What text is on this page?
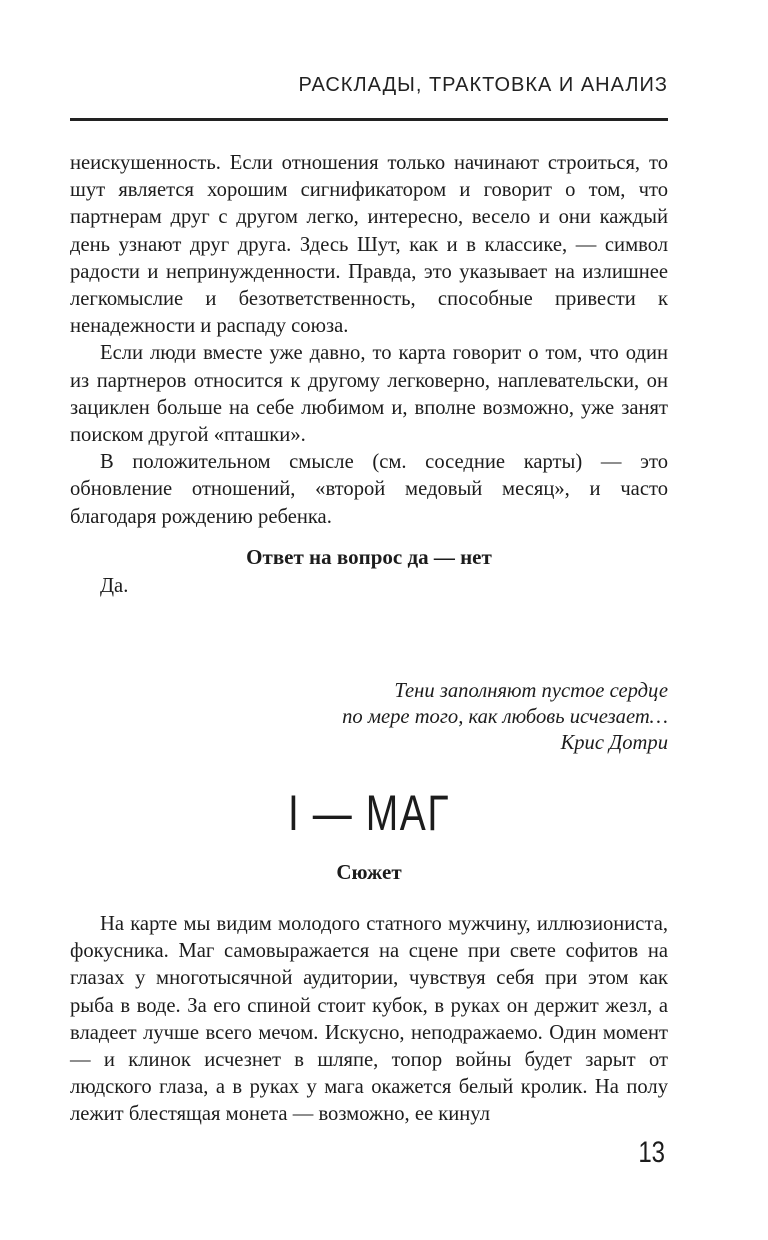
РАСКЛАДЫ, ТРАКТОВКА И АНАЛИЗ

неискушенность. Если отношения только начинают строиться, то шут является хорошим сигнификатором и говорит о том, что партнерам друг с другом легко, интересно, весело и они каждый день узнают друг друга. Здесь Шут, как и в классике, — символ радости и непринужденности. Правда, это указывает на излишнее легкомыслие и безответственность, способные привести к ненадежности и распаду союза.

Если люди вместе уже давно, то карта говорит о том, что один из партнеров относится к другому легковерно, наплевательски, он зациклен больше на себе любимом и, вполне возможно, уже занят поиском другой «пташки».

В положительном смысле (см. соседние карты) — это обновление отношений, «второй медовый месяц», и часто благодаря рождению ребенка.

Ответ на вопрос да — нет
Да.
Тени заполняют пустое сердце
по мере того, как любовь исчезает…
Крис Дотри
I — МАГ
Сюжет

На карте мы видим молодого статного мужчину, иллюзиониста, фокусника. Маг самовыражается на сцене при свете софитов на глазах у многотысячной аудитории, чувствуя себя при этом как рыба в воде. За его спиной стоит кубок, в руках он держит жезл, а владеет лучше всего мечом. Искусно, неподражаемо. Один момент — и клинок исчезнет в шляпе, топор войны будет зарыт от людского глаза, а в руках у мага окажется белый кролик. На полу лежит блестящая монета — возможно, ее кинул

13
